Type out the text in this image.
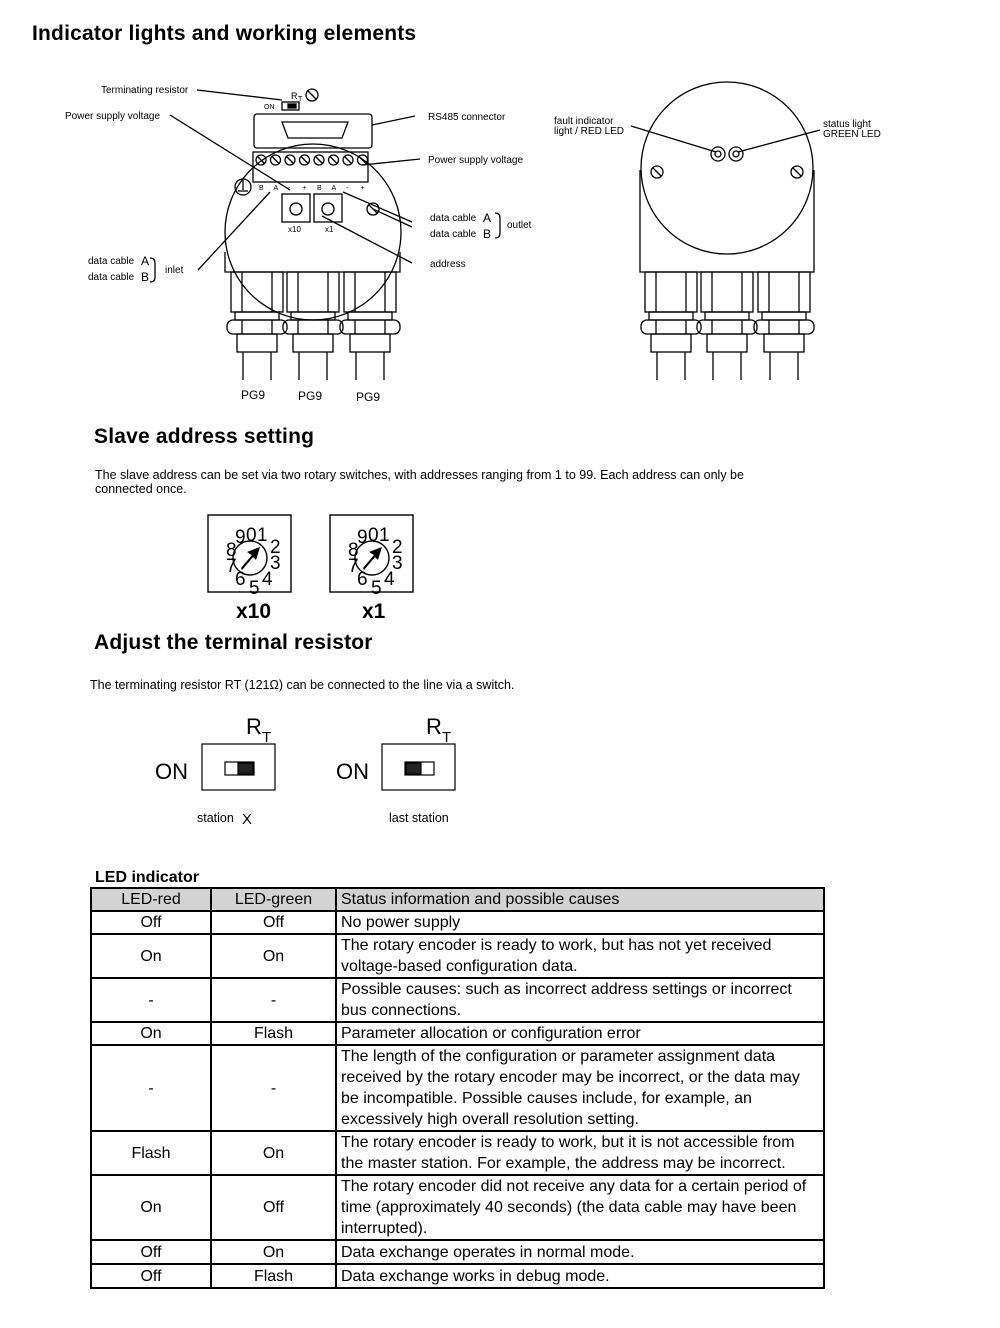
Indicator lights and working elements
Terminating resistor
Power supply voltage	RS485 connector
Power supply voltage
data cable A
data cable B
outlet
address
data cable A
data cable B inlet
R T
ON
x10	x1
B A - + B A - +
PG9	PG9	PG9
fault indicator
light / RED LED
status light
GREEN LED
Slave address setting
The slave address can be set via two rotary switches, with addresses ranging from 1 to 99. Each address can only be
connected once.
0 1
2
3
4
5
6
7
8
9	0 1
2
3
4
5
6
7
8
9
x10	x1
Adjust the terminal resistor
The terminating resistor RT (121Ω) can be connected to the line via a switch.
R T	R T
ON	ON
station X	last station
LED indicator
LED-red	LED-green	Status information and possible causes
Off	Off	No power supply
On	On	The rotary encoder is ready to work, but has not yet received voltage-based configuration data.
-	-	Possible causes: such as incorrect address settings or incorrect bus connections.
On	Flash	Parameter allocation or configuration error
-	-	The length of the configuration or parameter assignment data received by the rotary encoder may be incorrect, or the data may be incompatible. Possible causes include, for example, an excessively high overall resolution setting.
Flash	On	The rotary encoder is ready to work, but it is not accessible from the master station. For example, the address may be incorrect.
On	Off	The rotary encoder did not receive any data for a certain period of time (approximately 40 seconds) (the data cable may have been interrupted).
Off	On	Data exchange operates in normal mode.
Off	Flash	Data exchange works in debug mode.
